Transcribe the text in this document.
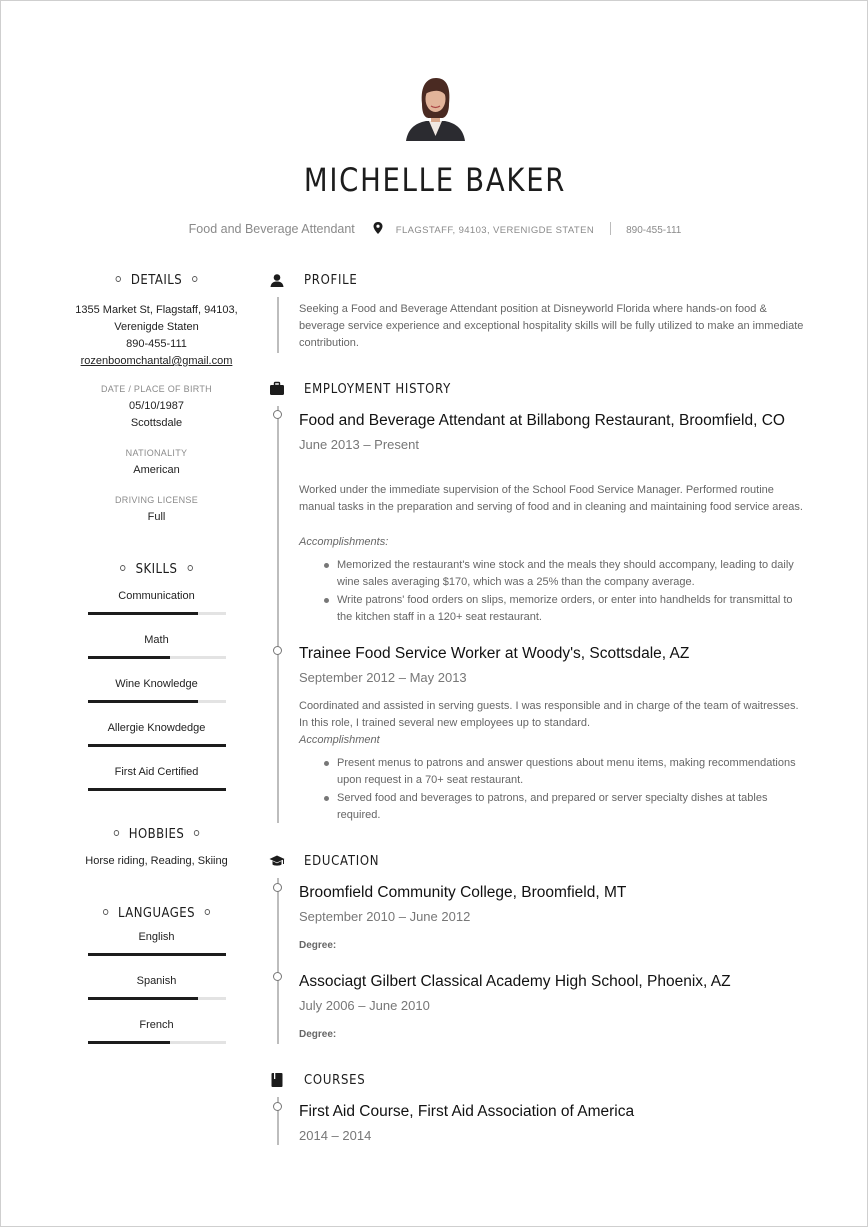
MICHELLE BAKER
Food and Beverage Attendant	FLAGSTAFF, 94103, VERENIGDE STATEN	890-455-111
DETAILS
1355 Market St, Flagstaff, 94103,
Verenigde Staten
890-455-111
rozenboomchantal@gmail.com
DATE / PLACE OF BIRTH
05/10/1987
Scottsdale
NATIONALITY
American
DRIVING LICENSE
Full
SKILLS
Communication
Math
Wine Knowledge
Allergie Knowdedge
First Aid Certified
HOBBIES
Horse riding, Reading, Skiing
LANGUAGES
English
Spanish
French
PROFILE
Seeking a Food and Beverage Attendant position at Disneyworld Florida where hands-on food & beverage service experience and exceptional hospitality skills will be fully utilized to make an immediate contribution.
EMPLOYMENT HISTORY
Food and Beverage Attendant at Billabong Restaurant, Broomfield, CO
June 2013 – Present
Worked under the immediate supervision of the School Food Service Manager. Performed routine manual tasks in the preparation and serving of food and in cleaning and maintaining food service areas.
Accomplishments:
Memorized the restaurant's wine stock and the meals they should accompany, leading to daily wine sales averaging $170, which was a 25% than the company average.
Write patrons' food orders on slips, memorize orders, or enter into handhelds for transmittal to the kitchen staff in a 120+ seat restaurant.
Trainee Food Service Worker at Woody's, Scottsdale, AZ
September 2012 – May 2013
Coordinated and assisted in serving guests. I was responsible and in charge of the team of waitresses. In this role, I trained several new employees up to standard.
Accomplishment
Present menus to patrons and answer questions about menu items, making recommendations upon request in a 70+ seat restaurant.
Served food and beverages to patrons, and prepared or server specialty dishes at tables required.
EDUCATION
Broomfield Community College, Broomfield, MT
September 2010 – June 2012
Degree:
Associagt Gilbert Classical Academy High School, Phoenix, AZ
July 2006 – June 2010
Degree:
COURSES
First Aid Course, First Aid Association of America
2014 – 2014
